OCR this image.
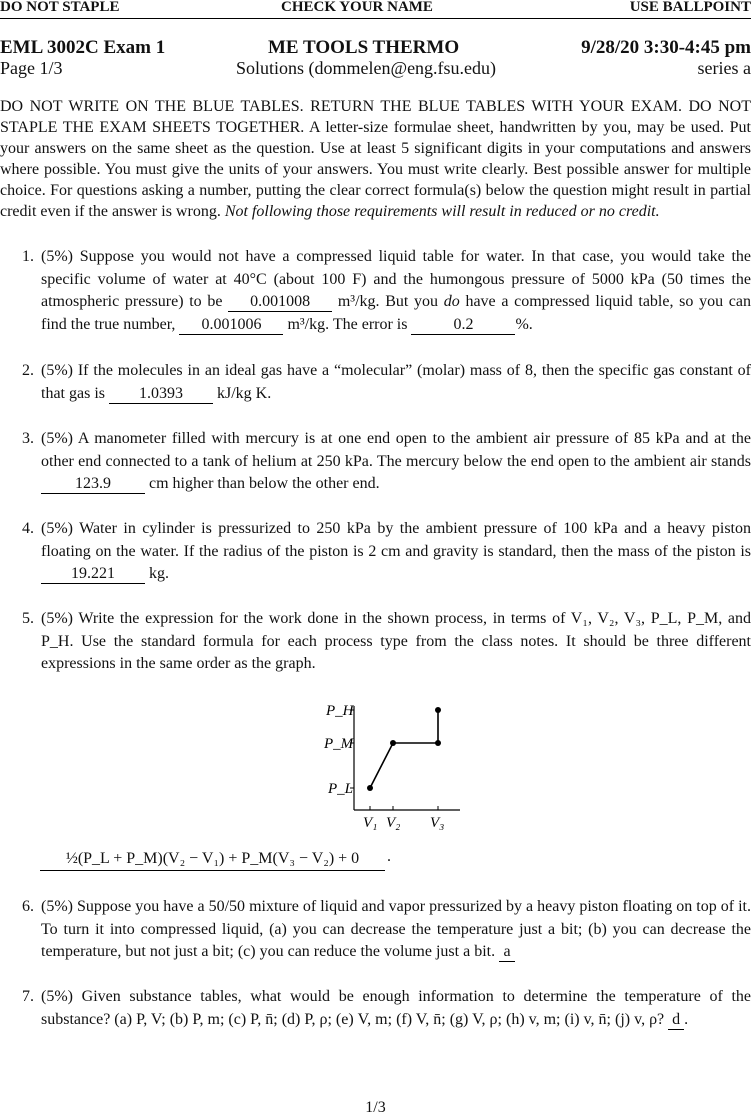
DO NOT STAPLE	CHECK YOUR NAME	USE BALLPOINT
EML 3002C Exam 1	ME TOOLS THERMO	9/28/20 3:30-4:45 pm
Page 1/3	Solutions (dommelen@eng.fsu.edu)	series a

DO NOT WRITE ON THE BLUE TABLES. RETURN THE BLUE TABLES WITH YOUR EXAM. DO NOT STAPLE THE EXAM SHEETS TOGETHER. A letter-size formulae sheet, handwritten by you, may be used. Put your answers on the same sheet as the question. Use at least 5 significant digits in your computations and answers where possible. You must give the units of your answers. You must write clearly. Best possible answer for multiple choice. For questions asking a number, putting the clear correct formula(s) below the question might result in partial credit even if the answer is wrong. Not following those requirements will result in reduced or no credit.

1. (5%) Suppose you would not have a compressed liquid table for water. In that case, you would take the specific volume of water at 40°C (about 100 F) and the humongous pressure of 5000 kPa (50 times the atmospheric pressure) to be 0.001008 m³/kg. But you do have a compressed liquid table, so you can find the true number, 0.001006 m³/kg. The error is	0.2	%.
2. (5%) If the molecules in an ideal gas have a “molecular” (molar) mass of 8, then the specific gas constant of that gas is 1.0393 kJ/kg K.
3. (5%) A manometer filled with mercury is at one end open to the ambient air pressure of 85 kPa and at the other end connected to a tank of helium at 250 kPa. The mercury below the end open to the ambient air stands 123.9 cm higher than below the other end.
4. (5%) Water in cylinder is pressurized to 250 kPa by the ambient pressure of 100 kPa and a heavy piston floating on the water. If the radius of the piston is 2 cm and gravity is standard, then the mass of the piston is 19.221 kg.
5. (5%) Write the expression for the work done in the shown process, in terms of V₁, V₂, V₃, P_L, P_M, and P_H. Use the standard formula for each process type from the class notes. It should be three different expressions in the same order as the graph.
P_H
P_M
P_L
V₁ V₂ V₃
½(P_L + P_M)(V₂ − V₁) + P_M(V₃ − V₂) + 0	.
6. (5%) Suppose you have a 50/50 mixture of liquid and vapor pressurized by a heavy piston floating on top of it. To turn it into compressed liquid, (a) you can decrease the temperature just a bit; (b) you can decrease the temperature, but not just a bit; (c) you can reduce the volume just a bit. a
7. (5%) Given substance tables, what would be enough information to determine the temperature of the substance? (a) P, V; (b) P, m; (c) P, n̄; (d) P, ρ; (e) V, m; (f) V, n̄; (g) V, ρ; (h) v, m; (i) v, n̄; (j) v, ρ? d .
1/3
